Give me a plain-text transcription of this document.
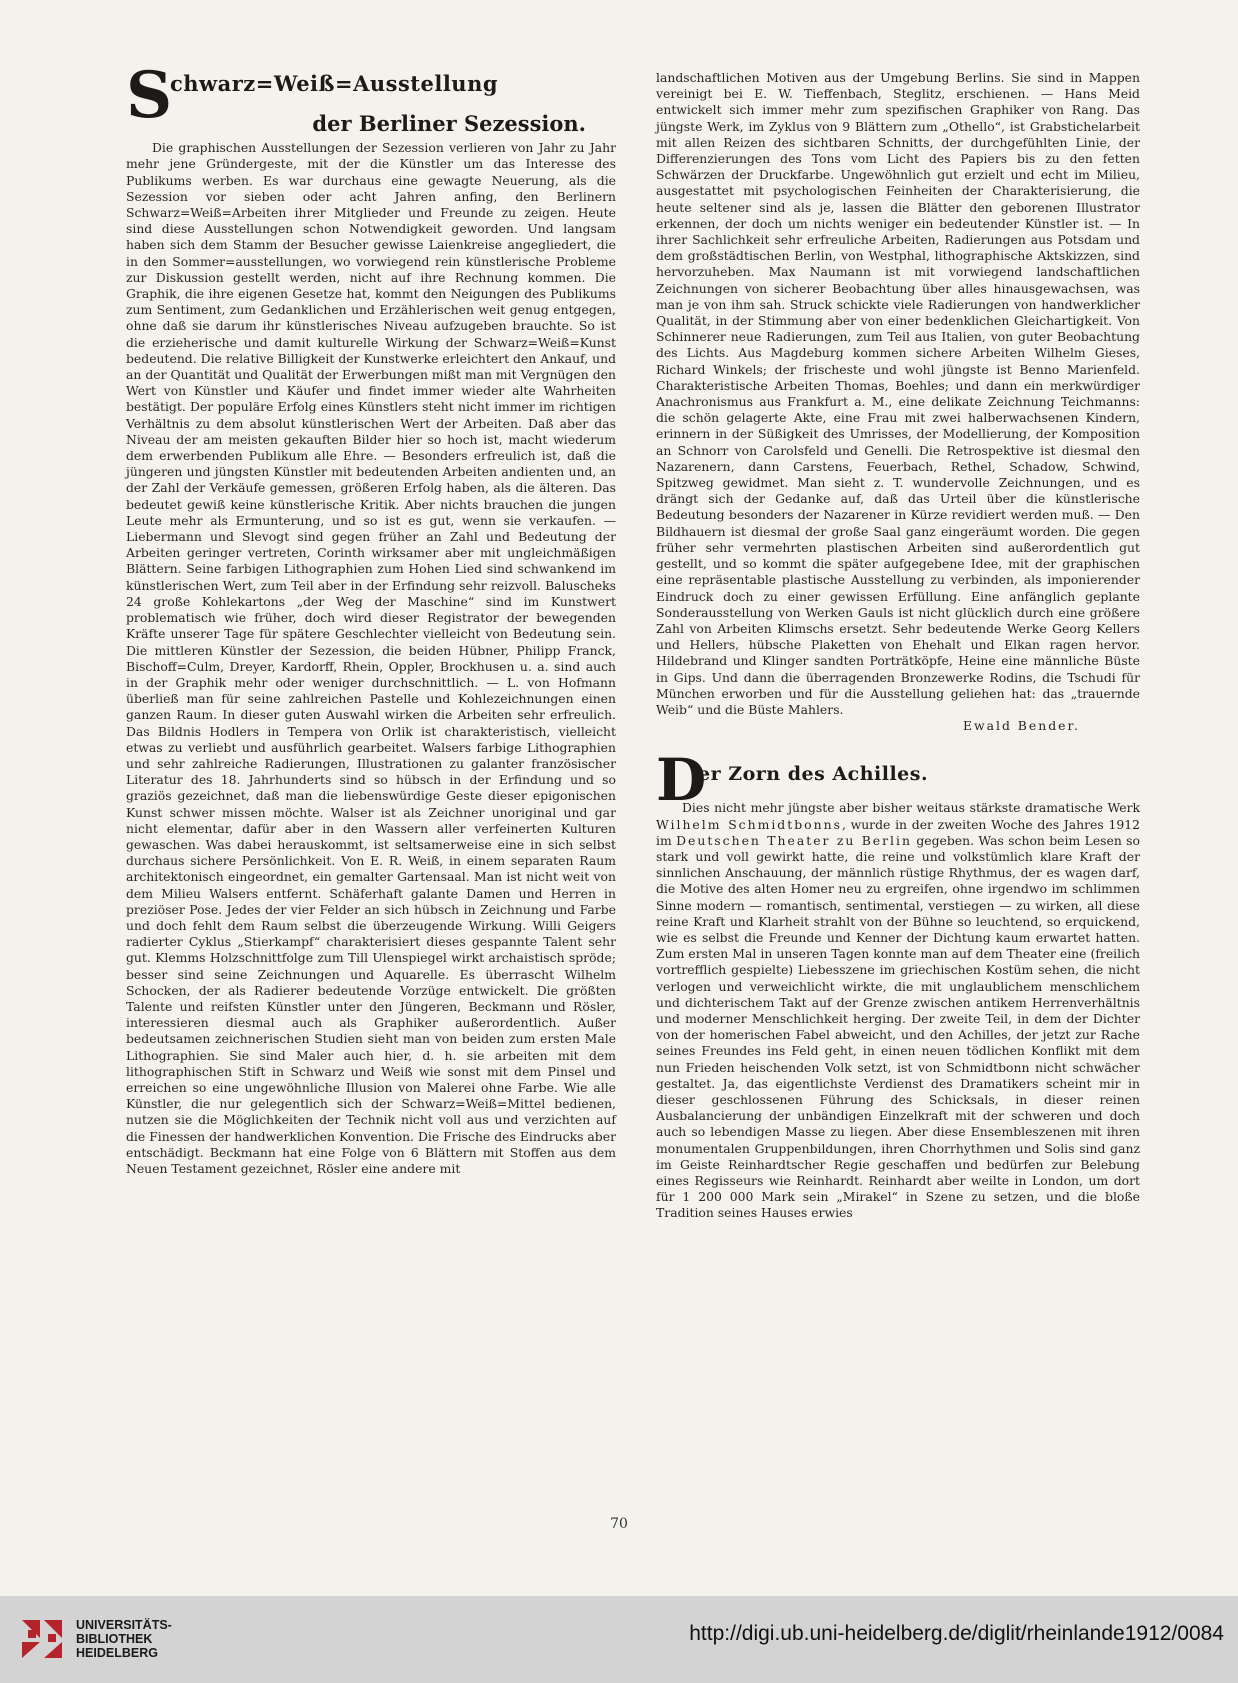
S
chwarz=Weiß=Ausstellung
der Berliner Sezession.

Die graphischen Ausstellungen der Sezession verlieren von Jahr zu Jahr mehr jene Gründergeste, mit der die Künstler um das Interesse des Publikums werben. Es war durchaus eine gewagte Neuerung, als die Sezession vor sieben oder acht Jahren anfing, den Berlinern Schwarz=Weiß=Arbeiten ihrer Mitglieder und Freunde zu zeigen. Heute sind diese Ausstellungen schon Notwendigkeit geworden. Und langsam haben sich dem Stamm der Besucher gewisse Laienkreise angegliedert, die in den Sommer=ausstellungen, wo vorwiegend rein künstlerische Probleme zur Diskussion gestellt werden, nicht auf ihre Rechnung kommen. Die Graphik, die ihre eigenen Gesetze hat, kommt den Neigungen des Publikums zum Sentiment, zum Gedanklichen und Erzählerischen weit genug entgegen, ohne daß sie darum ihr künstlerisches Niveau aufzugeben brauchte. So ist die erzieherische und damit kulturelle Wirkung der Schwarz=Weiß=Kunst bedeutend. Die relative Billigkeit der Kunstwerke erleichtert den Ankauf, und an der Quantität und Qualität der Erwerbungen mißt man mit Vergnügen den Wert von Künstler und Käufer und findet immer wieder alte Wahrheiten bestätigt. Der populäre Erfolg eines Künstlers steht nicht immer im richtigen Verhältnis zu dem absolut künstlerischen Wert der Arbeiten. Daß aber das Niveau der am meisten gekauften Bilder hier so hoch ist, macht wiederum dem erwerbenden Publikum alle Ehre. — Besonders erfreulich ist, daß die jüngeren und jüngsten Künstler mit bedeutenden Arbeiten andienten und, an der Zahl der Verkäufe gemessen, größeren Erfolg haben, als die älteren. Das bedeutet gewiß keine künstlerische Kritik. Aber nichts brauchen die jungen Leute mehr als Ermunterung, und so ist es gut, wenn sie verkaufen. — Liebermann und Slevogt sind gegen früher an Zahl und Bedeutung der Arbeiten geringer vertreten, Corinth wirksamer aber mit ungleichmäßigen Blättern. Seine farbigen Lithographien zum Hohen Lied sind schwankend im künstlerischen Wert, zum Teil aber in der Erfindung sehr reizvoll. Baluscheks 24 große Kohlekartons „der Weg der Maschine“ sind im Kunstwert problematisch wie früher, doch wird dieser Registrator der bewegenden Kräfte unserer Tage für spätere Geschlechter vielleicht von Bedeutung sein. Die mittleren Künstler der Sezession, die beiden Hübner, Philipp Franck, Bischoff=Culm, Dreyer, Kardorff, Rhein, Oppler, Brockhusen u. a. sind auch in der Graphik mehr oder weniger durchschnittlich. — L. von Hofmann überließ man für seine zahlreichen Pastelle und Kohlezeichnungen einen ganzen Raum. In dieser guten Auswahl wirken die Arbeiten sehr erfreulich. Das Bildnis Hodlers in Tempera von Orlik ist charakteristisch, vielleicht etwas zu verliebt und ausführlich gearbeitet. Walsers farbige Lithographien und sehr zahlreiche Radierungen, Illustrationen zu galanter französischer Literatur des 18. Jahrhunderts sind so hübsch in der Erfindung und so graziös gezeichnet, daß man die liebenswürdige Geste dieser epigonischen Kunst schwer missen möchte. Walser ist als Zeichner unoriginal und gar nicht elementar, dafür aber in den Wassern aller verfeinerten Kulturen gewaschen. Was dabei herauskommt, ist seltsamerweise eine in sich selbst durchaus sichere Persönlichkeit. Von E. R. Weiß, in einem separaten Raum architektonisch eingeordnet, ein gemalter Gartensaal. Man ist nicht weit von dem Milieu Walsers entfernt. Schäferhaft galante Damen und Herren in preziöser Pose. Jedes der vier Felder an sich hübsch in Zeichnung und Farbe und doch fehlt dem Raum selbst die überzeugende Wirkung. Willi Geigers radierter Cyklus „Stierkampf“ charakterisiert dieses gespannte Talent sehr gut. Klemms Holzschnittfolge zum Till Ulenspiegel wirkt archaistisch spröde; besser sind seine Zeichnungen und Aquarelle. Es überrascht Wilhelm Schocken, der als Radierer bedeutende Vorzüge entwickelt. Die größten Talente und reifsten Künstler unter den Jüngeren, Beckmann und Rösler, interessieren diesmal auch als Graphiker außerordentlich. Außer bedeutsamen zeichnerischen Studien sieht man von beiden zum ersten Male Lithographien. Sie sind Maler auch hier, d. h. sie arbeiten mit dem lithographischen Stift in Schwarz und Weiß wie sonst mit dem Pinsel und erreichen so eine ungewöhnliche Illusion von Malerei ohne Farbe. Wie alle Künstler, die nur gelegentlich sich der Schwarz=Weiß=Mittel bedienen, nutzen sie die Möglichkeiten der Technik nicht voll aus und verzichten auf die Finessen der handwerklichen Konvention. Die Frische des Eindrucks aber entschädigt. Beckmann hat eine Folge von 6 Blättern mit Stoffen aus dem Neuen Testament gezeichnet, Rösler eine andere mit

landschaftlichen Motiven aus der Umgebung Berlins. Sie sind in Mappen vereinigt bei E. W. Tieffenbach, Steglitz, erschienen. — Hans Meid entwickelt sich immer mehr zum spezifischen Graphiker von Rang. Das jüngste Werk, im Zyklus von 9 Blättern zum „Othello“, ist Grabstichelarbeit mit allen Reizen des sichtbaren Schnitts, der durchgefühlten Linie, der Differenzierungen des Tons vom Licht des Papiers bis zu den fetten Schwärzen der Druckfarbe. Ungewöhnlich gut erzielt und echt im Milieu, ausgestattet mit psychologischen Feinheiten der Charakterisierung, die heute seltener sind als je, lassen die Blätter den geborenen Illustrator erkennen, der doch um nichts weniger ein bedeutender Künstler ist. — In ihrer Sachlichkeit sehr erfreuliche Arbeiten, Radierungen aus Potsdam und dem großstädtischen Berlin, von Westphal, lithographische Aktskizzen, sind hervorzuheben. Max Naumann ist mit vorwiegend landschaftlichen Zeichnungen von sicherer Beobachtung über alles hinausgewachsen, was man je von ihm sah. Struck schickte viele Radierungen von handwerklicher Qualität, in der Stimmung aber von einer bedenklichen Gleichartigkeit. Von Schinnerer neue Radierungen, zum Teil aus Italien, von guter Beobachtung des Lichts. Aus Magdeburg kommen sichere Arbeiten Wilhelm Gieses, Richard Winkels; der frischeste und wohl jüngste ist Benno Marienfeld. Charakteristische Arbeiten Thomas, Boehles; und dann ein merkwürdiger Anachronismus aus Frankfurt a. M., eine delikate Zeichnung Teichmanns: die schön gelagerte Akte, eine Frau mit zwei halberwachsenen Kindern, erinnern in der Süßigkeit des Umrisses, der Modellierung, der Komposition an Schnorr von Carolsfeld und Genelli. Die Retrospektive ist diesmal den Nazarenern, dann Carstens, Feuerbach, Rethel, Schadow, Schwind, Spitzweg gewidmet. Man sieht z. T. wundervolle Zeichnungen, und es drängt sich der Gedanke auf, daß das Urteil über die künstlerische Bedeutung besonders der Nazarener in Kürze revidiert werden muß. — Den Bildhauern ist diesmal der große Saal ganz eingeräumt worden. Die gegen früher sehr vermehrten plastischen Arbeiten sind außerordentlich gut gestellt, und so kommt die später aufgegebene Idee, mit der graphischen eine repräsentable plastische Ausstellung zu verbinden, als imponierender Eindruck doch zu einer gewissen Erfüllung. Eine anfänglich geplante Sonderausstellung von Werken Gauls ist nicht glücklich durch eine größere Zahl von Arbeiten Klimschs ersetzt. Sehr bedeutende Werke Georg Kellers und Hellers, hübsche Plaketten von Ehehalt und Elkan ragen hervor. Hildebrand und Klinger sandten Porträtköpfe, Heine eine männliche Büste in Gips. Und dann die überragenden Bronzewerke Rodins, die Tschudi für München erworben und für die Ausstellung geliehen hat: das „trauernde Weib“ und die Büste Mahlers.

Ewald Bender.
D
er Zorn des Achilles.

Dies nicht mehr jüngste aber bisher weitaus stärkste dramatische Werk Wilhelm Schmidtbonns, wurde in der zweiten Woche des Jahres 1912 im Deutschen Theater zu Berlin gegeben. Was schon beim Lesen so stark und voll gewirkt hatte, die reine und volkstümlich klare Kraft der sinnlichen Anschauung, der männlich rüstige Rhythmus, der es wagen darf, die Motive des alten Homer neu zu ergreifen, ohne irgendwo im schlimmen Sinne modern — romantisch, sentimental, verstiegen — zu wirken, all diese reine Kraft und Klarheit strahlt von der Bühne so leuchtend, so erquickend, wie es selbst die Freunde und Kenner der Dichtung kaum erwartet hatten. Zum ersten Mal in unseren Tagen konnte man auf dem Theater eine (freilich vortrefflich gespielte) Liebesszene im griechischen Kostüm sehen, die nicht verlogen und verweichlicht wirkte, die mit unglaublichem menschlichem und dichterischem Takt auf der Grenze zwischen antikem Herrenverhältnis und moderner Menschlichkeit herging. Der zweite Teil, in dem der Dichter von der homerischen Fabel abweicht, und den Achilles, der jetzt zur Rache seines Freundes ins Feld geht, in einen neuen tödlichen Konflikt mit dem nun Frieden heischenden Volk setzt, ist von Schmidtbonn nicht schwächer gestaltet. Ja, das eigentlichste Verdienst des Dramatikers scheint mir in dieser geschlossenen Führung des Schicksals, in dieser reinen Ausbalancierung der unbändigen Einzelkraft mit der schweren und doch auch so lebendigen Masse zu liegen. Aber diese Ensembleszenen mit ihren monumentalen Gruppenbildungen, ihren Chorrhythmen und Solis sind ganz im Geiste Reinhardtscher Regie geschaffen und bedürfen zur Belebung eines Regisseurs wie Reinhardt. Reinhardt aber weilte in London, um dort für 1 200 000 Mark sein „Mirakel“ in Szene zu setzen, und die bloße Tradition seines Hauses erwies

70
UNIVERSITÄTS-
BIBLIOTHEK
HEIDELBERG
http://digi.ub.uni-heidelberg.de/diglit/rheinlande1912/0084
